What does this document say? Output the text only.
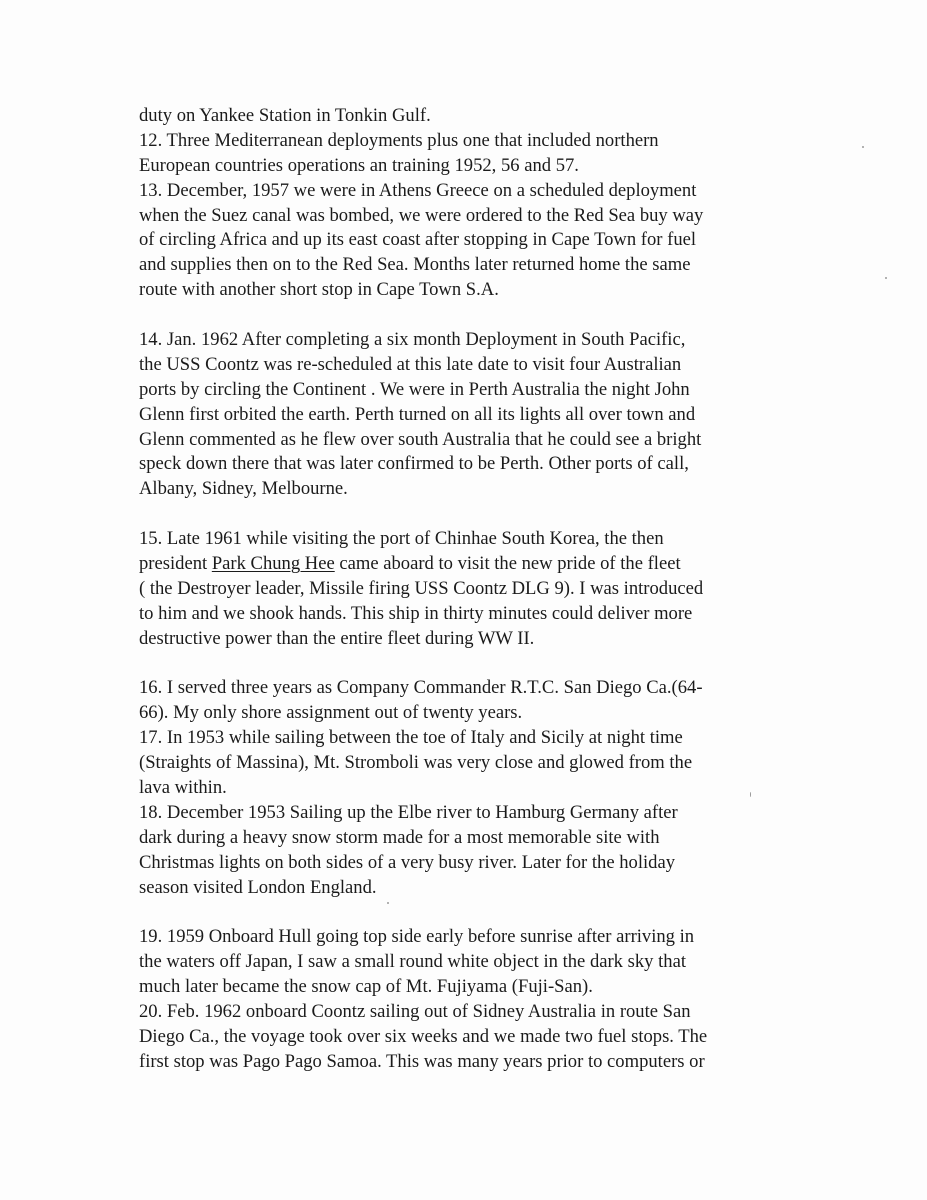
duty on Yankee Station in Tonkin Gulf.
12. Three Mediterranean deployments plus one that included northern
European countries operations an training 1952, 56 and 57.
13. December, 1957 we were in Athens Greece on a scheduled deployment
when the Suez canal was bombed, we were ordered to the Red Sea buy way
of circling Africa and up its east coast after stopping in Cape Town for fuel
and supplies then on to the Red Sea. Months later returned home the same
route with another short stop in Cape Town S.A.
14. Jan. 1962 After completing a six month Deployment in South Pacific,
the USS Coontz was re-scheduled at this late date to visit four Australian
ports by circling the Continent . We were in Perth Australia the night John
Glenn first orbited the earth. Perth turned on all its lights all over town and
Glenn commented as he flew over south Australia that he could see a bright
speck down there that was later confirmed to be Perth. Other ports of call,
Albany, Sidney, Melbourne.
15. Late 1961 while visiting the port of Chinhae South Korea, the then
president Park Chung Hee came aboard to visit the new pride of the fleet
( the Destroyer leader, Missile firing USS Coontz DLG 9). I was introduced
to him and we shook hands. This ship in thirty minutes could deliver more
destructive power than the entire fleet during WW II.
16. I served three years as Company Commander R.T.C. San Diego Ca.(64-
66). My only shore assignment out of twenty years.
17. In 1953 while sailing between the toe of Italy and Sicily at night time
(Straights of Massina), Mt. Stromboli was very close and glowed from the
lava within.
18. December 1953 Sailing up the Elbe river to Hamburg Germany after
dark during a heavy snow storm made for a most memorable site with
Christmas lights on both sides of a very busy river. Later for the holiday
season visited London England.
19. 1959 Onboard Hull going top side early before sunrise after arriving in
the waters off Japan, I saw a small round white object in the dark sky that
much later became the snow cap of Mt. Fujiyama (Fuji-San).
20. Feb. 1962 onboard Coontz sailing out of Sidney Australia in route San
Diego Ca., the voyage took over six weeks and we made two fuel stops. The
first stop was Pago Pago Samoa. This was many years prior to computers or
